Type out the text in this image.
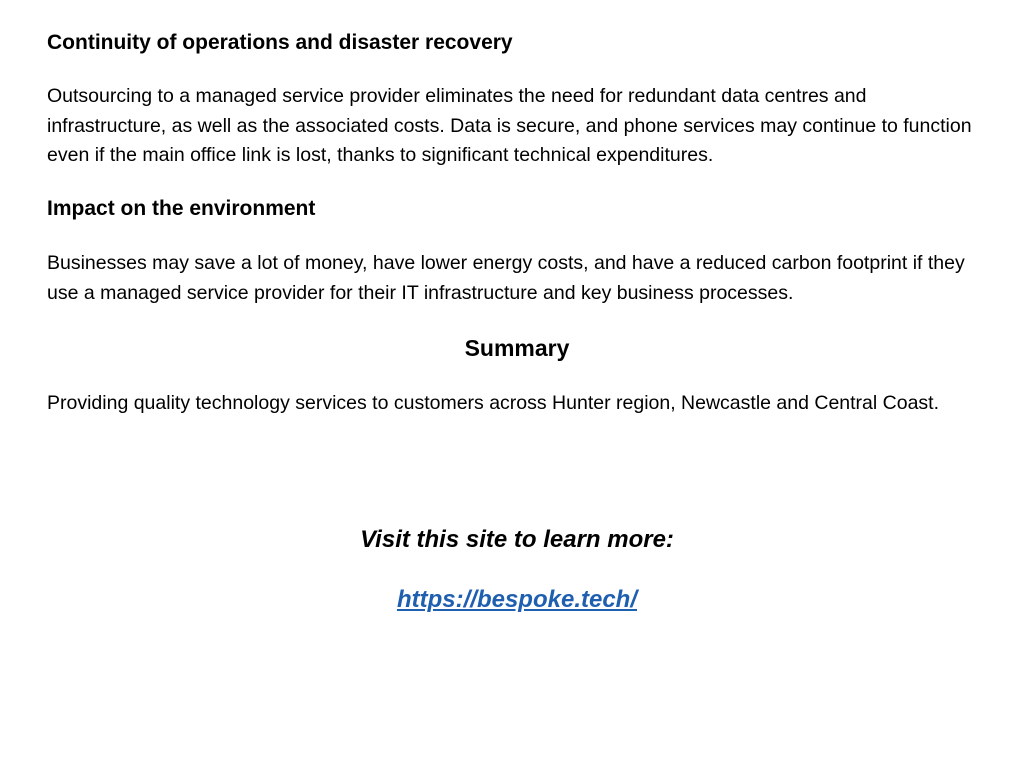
Continuity of operations and disaster recovery

Outsourcing to a managed service provider eliminates the need for redundant data centres and infrastructure, as well as the associated costs. Data is secure, and phone services may continue to function even if the main office link is lost, thanks to significant technical expenditures.

Impact on the environment

Businesses may save a lot of money, have lower energy costs, and have a reduced carbon footprint if they use a managed service provider for their IT infrastructure and key business processes.

Summary

Providing quality technology services to customers across Hunter region, Newcastle and Central Coast.

Visit this site to learn more:

https://bespoke.tech/
